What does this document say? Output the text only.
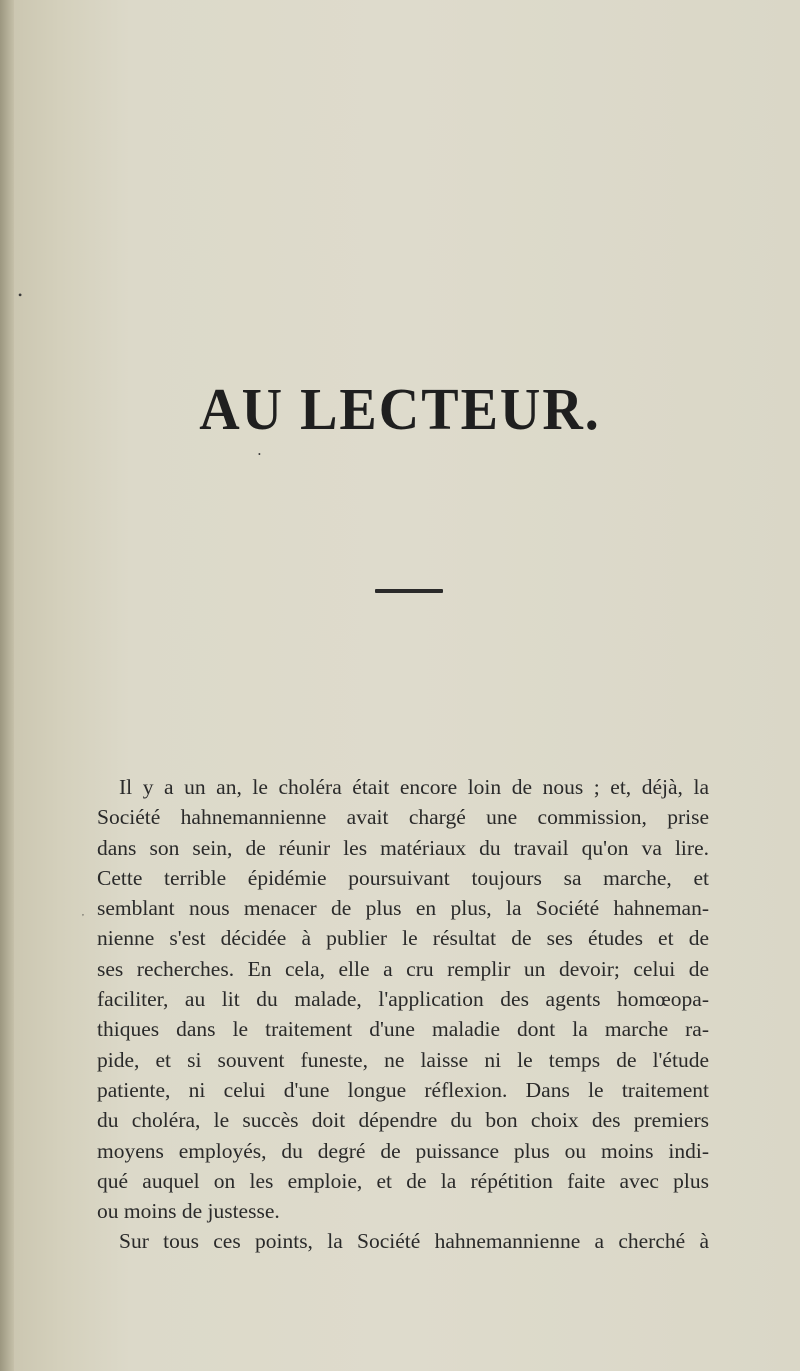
•
•
,
AU LECTEUR.

Il y a un an, le choléra était encore loin de nous ; et, déjà, la
Société hahnemannienne avait chargé une commission, prise
dans son sein, de réunir les matériaux du travail qu'on va lire.
Cette terrible épidémie poursuivant toujours sa marche, et
semblant nous menacer de plus en plus, la Société hahneman-
nienne s'est décidée à publier le résultat de ses études et de
ses recherches. En cela, elle a cru remplir un devoir; celui de
faciliter, au lit du malade, l'application des agents homœopa-
thiques dans le traitement d'une maladie dont la marche ra-
pide, et si souvent funeste, ne laisse ni le temps de l'étude
patiente, ni celui d'une longue réflexion. Dans le traitement
du choléra, le succès doit dépendre du bon choix des premiers
moyens employés, du degré de puissance plus ou moins indi-
qué auquel on les emploie, et de la répétition faite avec plus
ou moins de justesse.

Sur tous ces points, la Société hahnemannienne a cherché à
